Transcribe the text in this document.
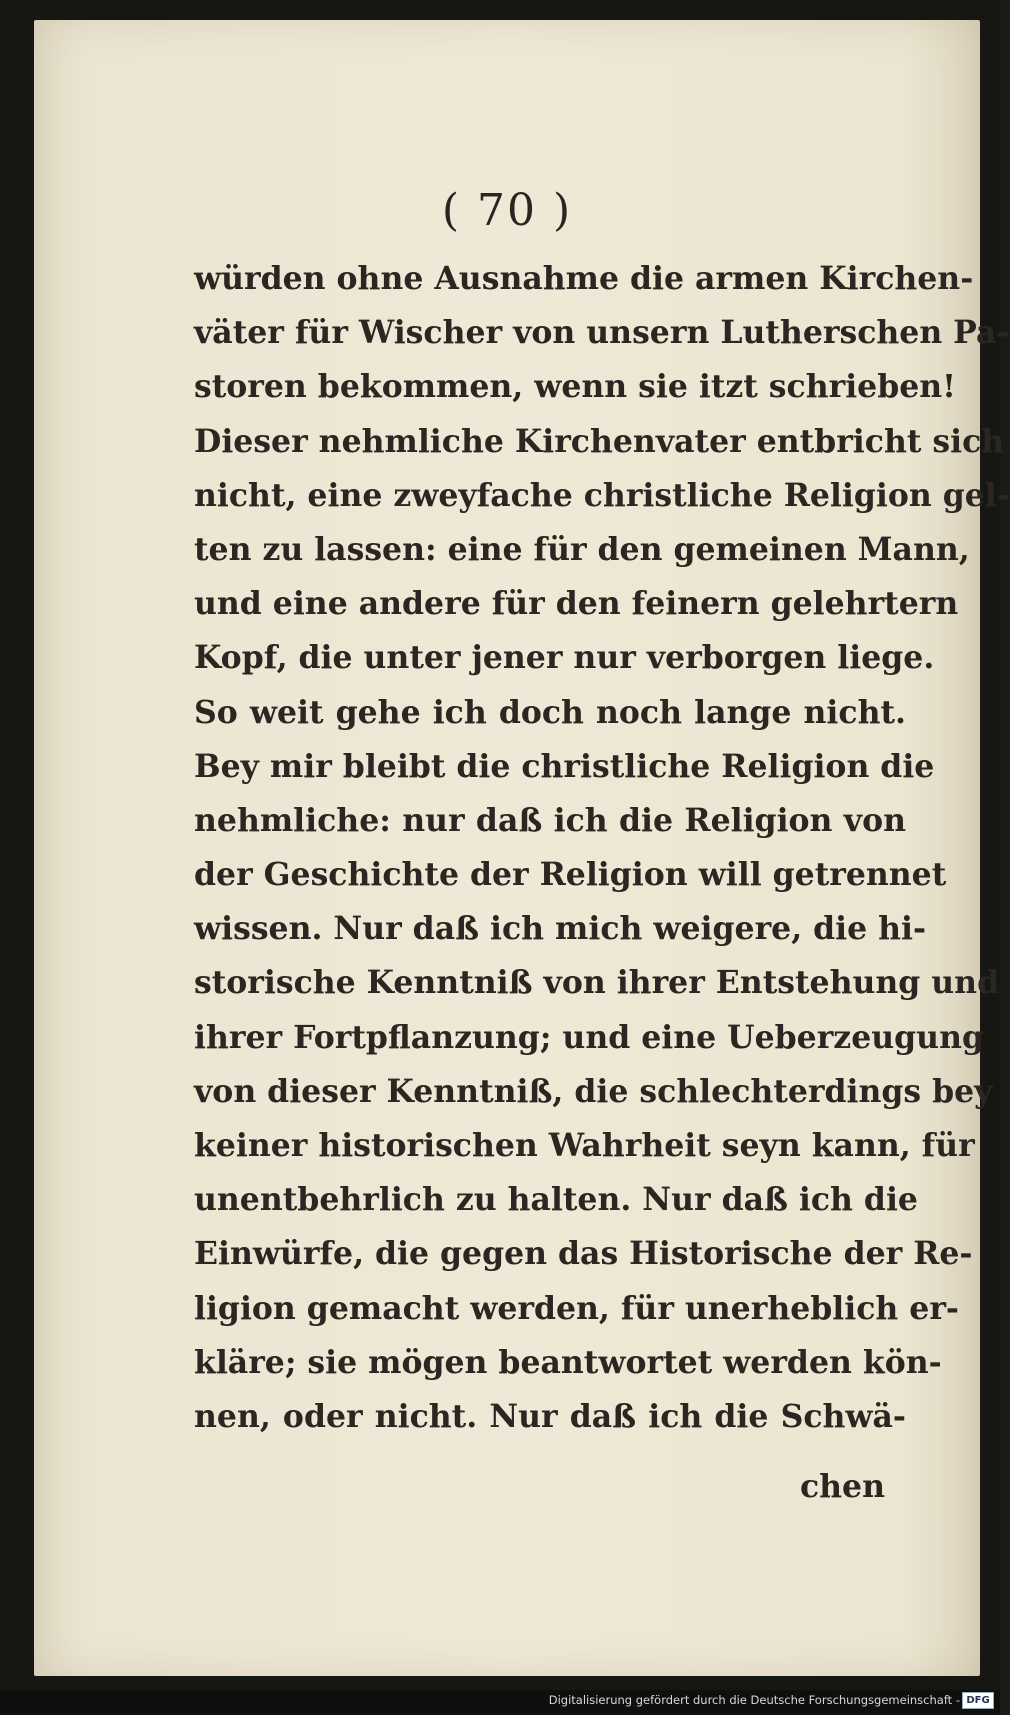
( 70 )
würden ohne Ausnahme die armen Kirchen-
väter für Wischer von unsern Lutherschen Pa-
storen bekommen, wenn sie itzt schrieben!
Dieser nehmliche Kirchenvater entbricht sich
nicht, eine zweyfache christliche Religion gel-
ten zu lassen: eine für den gemeinen Mann,
und eine andere für den feinern gelehrtern
Kopf, die unter jener nur verborgen liege.
So weit gehe ich doch noch lange nicht.
Bey mir bleibt die christliche Religion die
nehmliche: nur daß ich die Religion von
der Geschichte der Religion will getrennet
wissen. Nur daß ich mich weigere, die hi-
storische Kenntniß von ihrer Entstehung und
ihrer Fortpflanzung; und eine Ueberzeugung
von dieser Kenntniß, die schlechterdings bey
keiner historischen Wahrheit seyn kann, für
unentbehrlich zu halten. Nur daß ich die
Einwürfe, die gegen das Historische der Re-
ligion gemacht werden, für unerheblich er-
kläre; sie mögen beantwortet werden kön-
nen, oder nicht. Nur daß ich die Schwä-
chen
Digitalisierung gefördert durch die Deutsche Forschungsgemeinschaft - DFG
